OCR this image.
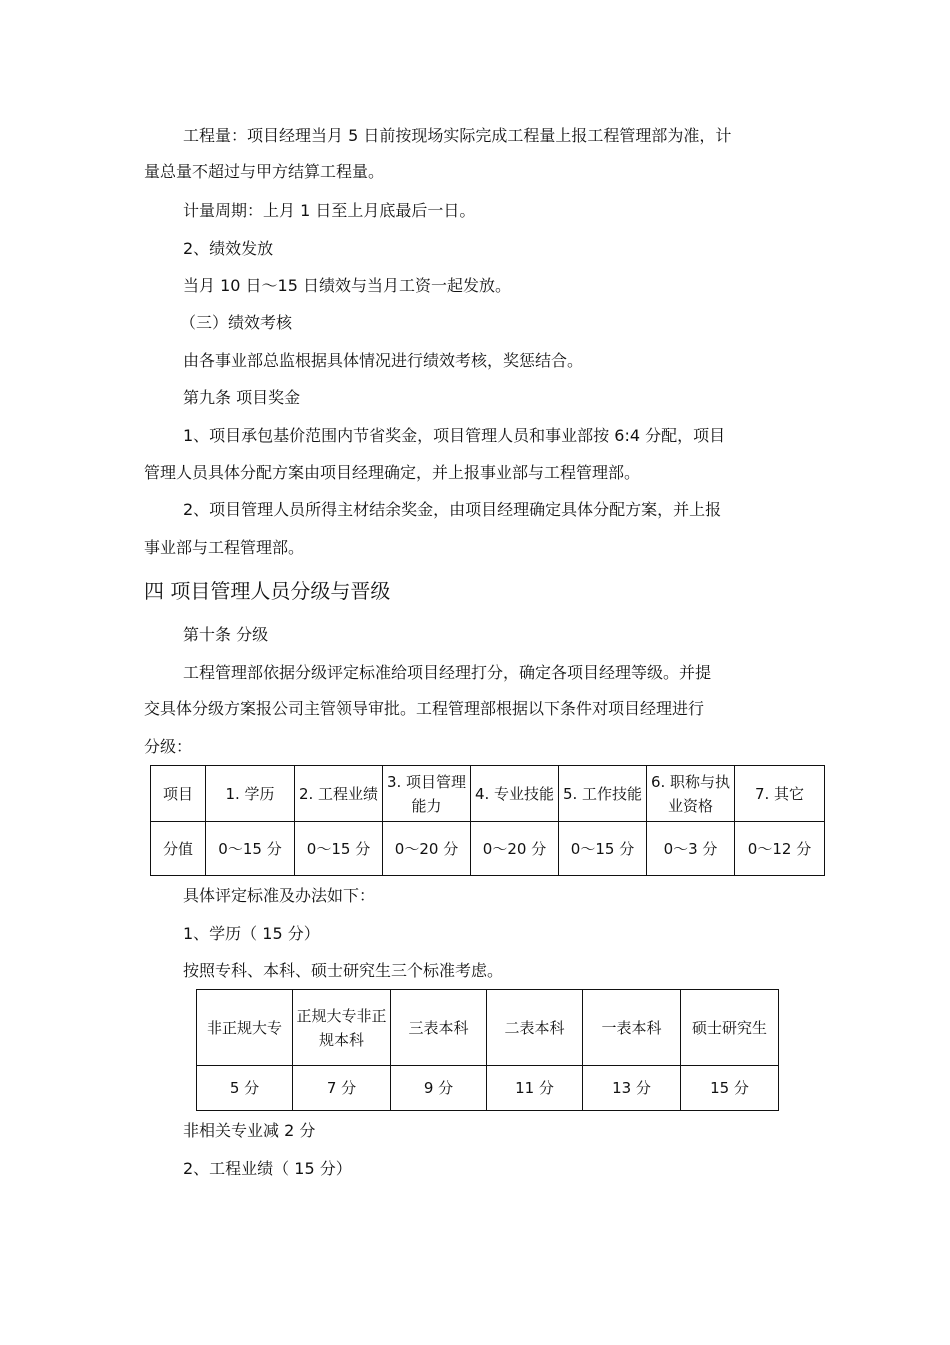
工程量：项目经理当月 5 日前按现场实际完成工程量上报工程管理部为准，计
量总量不超过与甲方结算工程量。
计量周期：上月 1 日至上月底最后一日。
2、绩效发放
当月 10 日～15 日绩效与当月工资一起发放。
（三）绩效考核
由各事业部总监根据具体情况进行绩效考核，奖惩结合。
第九条 项目奖金
1、项目承包基价范围内节省奖金，项目管理人员和事业部按 6:4 分配，项目
管理人员具体分配方案由项目经理确定，并上报事业部与工程管理部。
2、项目管理人员所得主材结余奖金，由项目经理确定具体分配方案，并上报
事业部与工程管理部。
四 项目管理人员分级与晋级
第十条 分级
工程管理部依据分级评定标准给项目经理打分，确定各项目经理等级。并提
交具体分级方案报公司主管领导审批。工程管理部根据以下条件对项目经理进行
分级：
项目	1. 学历	2. 工程业绩	3. 项目管理能力	4. 专业技能	5. 工作技能	6. 职称与执业资格	7. 其它
分值	0～15 分	0～15 分	0～20 分	0～20 分	0～15 分	0～3 分	0～12 分
具体评定标准及办法如下：
1、学历（ 15 分）
按照专科、本科、硕士研究生三个标准考虑。
非正规大专	正规大专非正规本科	三表本科	二表本科	一表本科	硕士研究生
5 分	7 分	9 分	11 分	13 分	15 分
非相关专业减 2 分
2、工程业绩（ 15 分）
